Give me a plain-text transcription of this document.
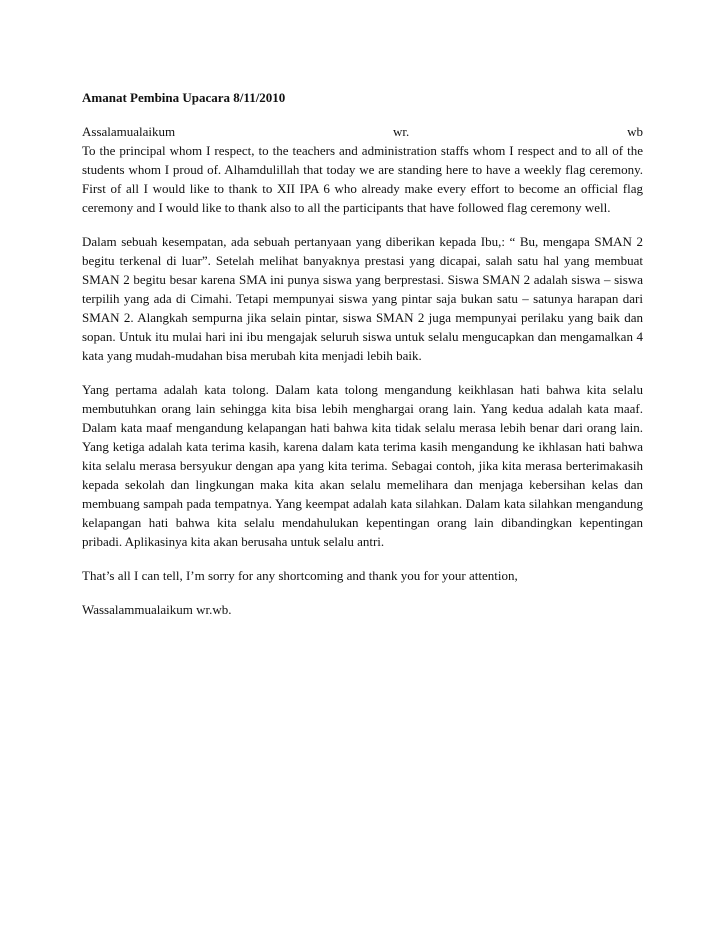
Amanat Pembina Upacara 8/11/2010
Assalamualaikum	wr.	wb

To the principal whom I respect, to the teachers and administration staffs whom I respect and to all of the students whom I proud of. Alhamdulillah that today we are standing here to have a weekly flag ceremony. First of all I would like to thank to XII IPA 6 who already make every effort to become an official flag ceremony and I would like to thank also to all the participants that have followed flag ceremony well.

Dalam sebuah kesempatan, ada sebuah pertanyaan yang diberikan kepada Ibu,: “ Bu, mengapa SMAN 2 begitu terkenal di luar”. Setelah melihat banyaknya prestasi yang dicapai, salah satu hal yang membuat SMAN 2 begitu besar karena SMA ini punya siswa yang berprestasi. Siswa SMAN 2 adalah siswa – siswa terpilih yang ada di Cimahi. Tetapi mempunyai siswa yang pintar saja bukan satu – satunya harapan dari SMAN 2. Alangkah sempurna jika selain pintar, siswa SMAN 2 juga mempunyai perilaku yang baik dan sopan. Untuk itu mulai hari ini ibu mengajak seluruh siswa untuk selalu mengucapkan dan mengamalkan 4 kata yang mudah-mudahan bisa merubah kita menjadi lebih baik.

Yang pertama adalah kata tolong. Dalam kata tolong mengandung keikhlasan hati bahwa kita selalu membutuhkan orang lain sehingga kita bisa lebih menghargai orang lain. Yang kedua adalah kata maaf. Dalam kata maaf mengandung kelapangan hati bahwa kita tidak selalu merasa lebih benar dari orang lain. Yang ketiga adalah kata terima kasih, karena dalam kata terima kasih mengandung ke ikhlasan hati bahwa kita selalu merasa bersyukur dengan apa yang kita terima. Sebagai contoh, jika kita merasa berterimakasih kepada sekolah dan lingkungan maka kita akan selalu memelihara dan menjaga kebersihan kelas dan membuang sampah pada tempatnya. Yang keempat adalah kata silahkan. Dalam kata silahkan mengandung kelapangan hati bahwa kita selalu mendahulukan kepentingan orang lain dibandingkan kepentingan pribadi. Aplikasinya kita akan berusaha untuk selalu antri.

That’s all I can tell, I’m sorry for any shortcoming and thank you for your attention,

Wassalammualaikum wr.wb.
